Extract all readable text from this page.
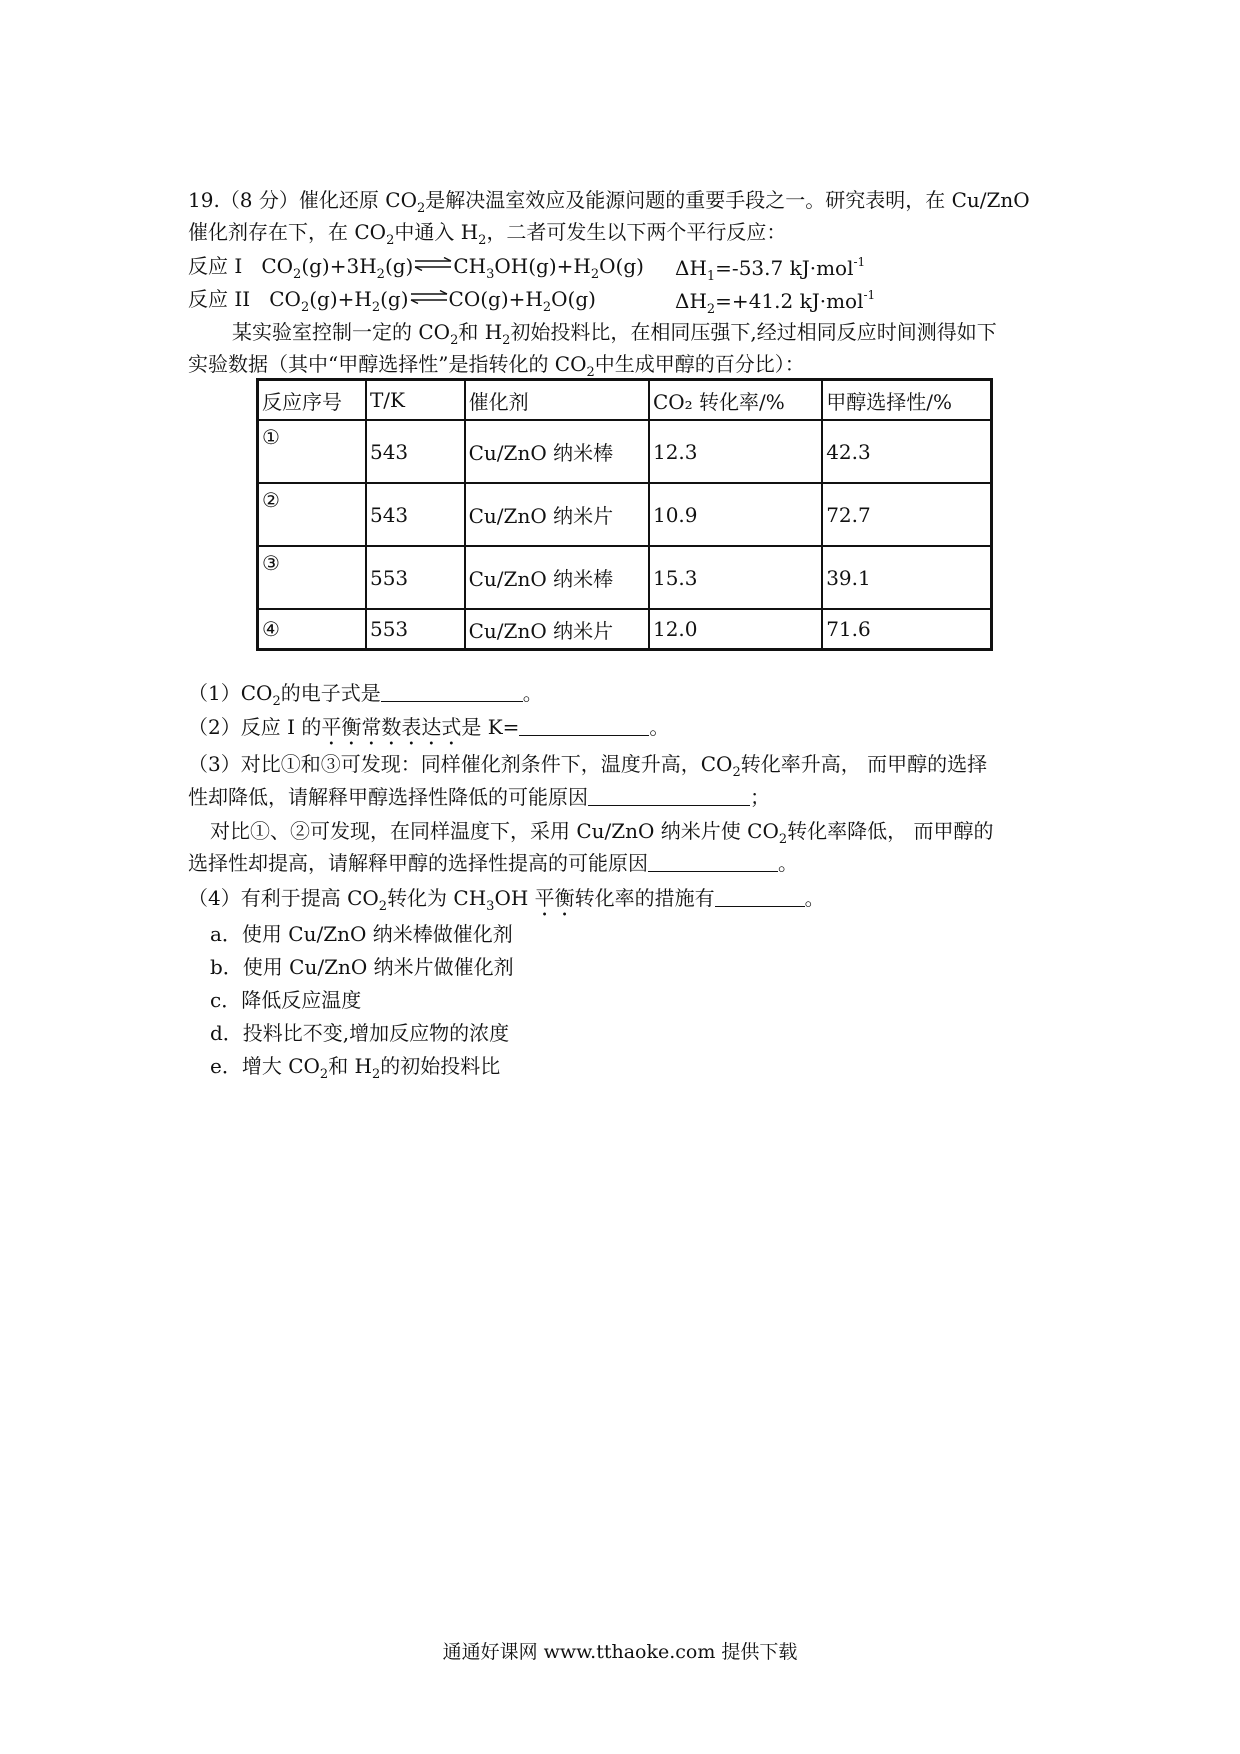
19.（8 分）催化还原 $CO_2$是解决温室效应及能源问题的重要手段之一。研究表明，在 Cu/ZnO
催化剂存在下，在 $CO_2$中通入 $H_2$，二者可发生以下两个平行反应：
反应 I $CO_2(g)+3H_2(g)\rightleftharpoons CH_3OH(g)+H_2O(g)$ $\Delta H_1=-53.7$ kJ·mol$^{-1}$
反应 II $CO_2(g)+H_2(g)\rightleftharpoons CO(g)+H_2O(g)$	$\Delta H_2=+41.2$ kJ·mol$^{-1}$
某实验室控制一定的 $CO_2$和 $H_2$初始投料比，在相同压强下,经过相同反应时间测得如下
实验数据（其中“甲醇选择性”是指转化的 $CO_2$中生成甲醇的百分比）：
反应序号	T/K	催化剂	CO₂ 转化率/%	甲醇选择性/%
①	543	Cu/ZnO 纳米棒	12.3	42.3
②	543	Cu/ZnO 纳米片	10.9	72.7
③	553	Cu/ZnO 纳米棒	15.3	39.1
④	553	Cu/ZnO 纳米片	12.0	71.6
$(1)CO_2$的电子式是	。
（2）反应 I 的平衡常数表达式是 K=	。
（3）对比①和③可发现：同样催化剂条件下，温度升高，$CO_2$转化率升高， 而甲醇的选择
性却降低，请解释甲醇选择性降低的可能原因	；
对比①、②可发现，在同样温度下，采用 Cu/ZnO 纳米片使 $CO_2$转化率降低， 而甲醇的
选择性却提高，请解释甲醇的选择性提高的可能原因	。
（4）有利于提高 $CO_2$转化为 $CH_3OH$ 平衡转化率的措施有	。
a．使用 Cu/ZnO 纳米棒做催化剂
b．使用 Cu/ZnO 纳米片做催化剂
c．降低反应温度
d．投料比不变,增加反应物的浓度
e．增大 $CO_2$和 $H_2$的初始投料比
通通好课网 www.tthaoke.com 提供下载
